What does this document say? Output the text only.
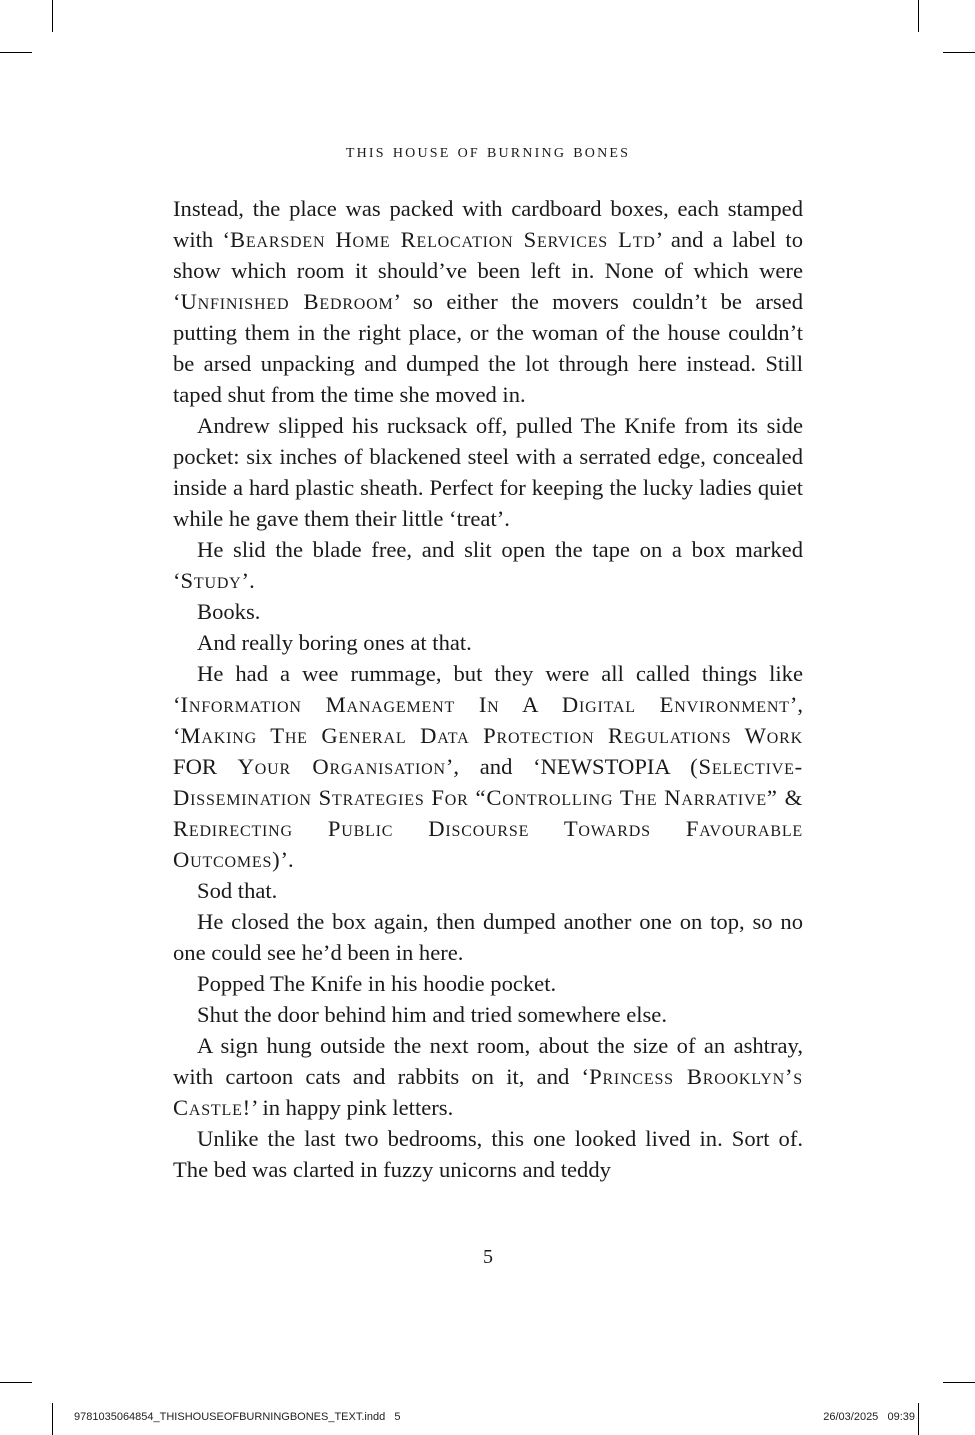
this house of burning bones

Instead, the place was packed with cardboard boxes, each stamped with ‘Bearsden Home Relocation Services Ltd’ and a label to show which room it should’ve been left in. None of which were ‘Unfinished Bedroom’ so either the movers couldn’t be arsed putting them in the right place, or the woman of the house couldn’t be arsed unpacking and dumped the lot through here instead. Still taped shut from the time she moved in.

Andrew slipped his rucksack off, pulled The Knife from its side pocket: six inches of blackened steel with a serrated edge, concealed inside a hard plastic sheath. Perfect for keeping the lucky ladies quiet while he gave them their little ‘treat’.

He slid the blade free, and slit open the tape on a box marked ‘Study’.

Books.

And really boring ones at that.

He had a wee rummage, but they were all called things like ‘Information Management In A Digital Environment’, ‘Making The General Data Protection Regulations Work FOR Your Organisation’, and ‘NEWSTOPIA (Selective-Dissemination Strategies For “Controlling The Narrative” & Redirecting Public Discourse Towards Favourable Outcomes)’.

Sod that.

He closed the box again, then dumped another one on top, so no one could see he’d been in here.

Popped The Knife in his hoodie pocket.

Shut the door behind him and tried somewhere else.

A sign hung outside the next room, about the size of an ashtray, with cartoon cats and rabbits on it, and ‘Princess Brooklyn’s Castle!’ in happy pink letters.

Unlike the last two bedrooms, this one looked lived in. Sort of. The bed was clarted in fuzzy unicorns and teddy

5
9781035064854_THISHOUSEOFBURNINGBONES_TEXT.indd   5	26/03/2025   09:39
